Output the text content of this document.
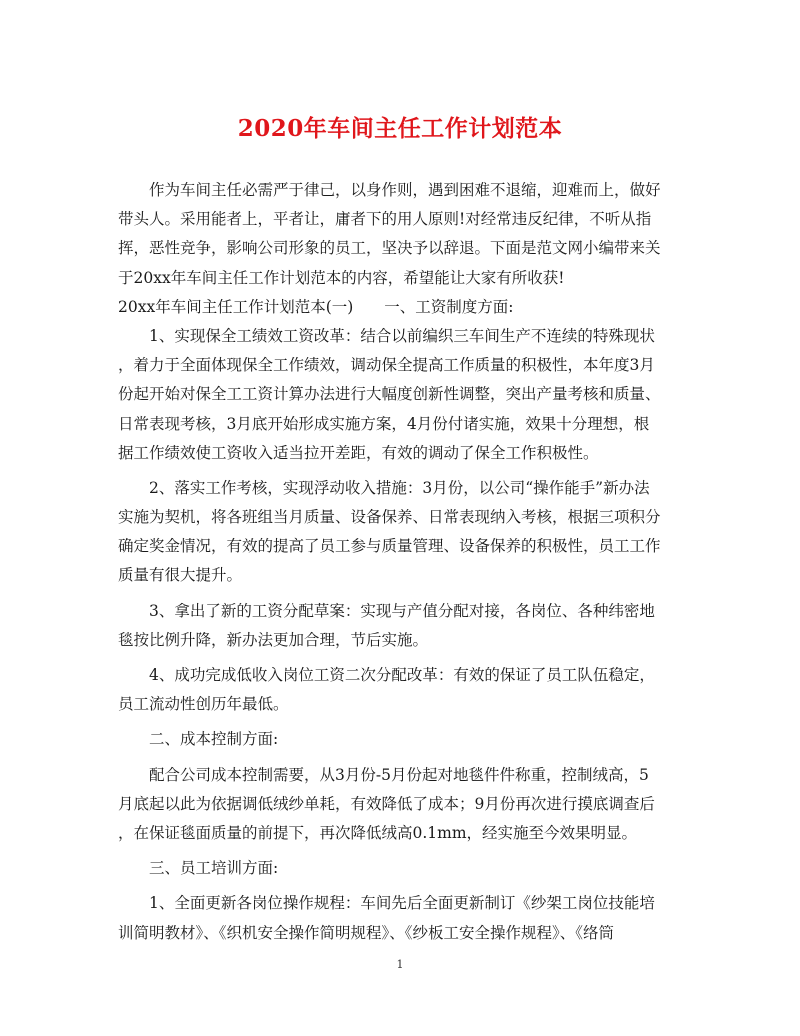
2020年车间主任工作计划范本
作为车间主任必需严于律己，以身作则，遇到困难不退缩，迎难而上，做好
带头人。采用能者上，平者让，庸者下的用人原则!对经常违反纪律，不听从指
挥，恶性竞争，影响公司形象的员工，坚决予以辞退。下面是范文网小编带来关
于20xx年车间主任工作计划范本的内容，希望能让大家有所收获!
20xx年车间主任工作计划范本(一)　　一、工资制度方面:
1、实现保全工绩效工资改革：结合以前编织三车间生产不连续的特殊现状
，着力于全面体现保全工作绩效，调动保全提高工作质量的积极性，本年度3月
份起开始对保全工工资计算办法进行大幅度创新性调整，突出产量考核和质量、
日常表现考核，3月底开始形成实施方案，4月份付诸实施，效果十分理想，根
据工作绩效使工资收入适当拉开差距，有效的调动了保全工作积极性。
2、落实工作考核，实现浮动收入措施：3月份，以公司“操作能手”新办法
实施为契机，将各班组当月质量、设备保养、日常表现纳入考核，根据三项积分
确定奖金情况，有效的提高了员工参与质量管理、设备保养的积极性，员工工作
质量有很大提升。
3、拿出了新的工资分配草案：实现与产值分配对接，各岗位、各种纬密地
毯按比例升降，新办法更加合理，节后实施。
4、成功完成低收入岗位工资二次分配改革：有效的保证了员工队伍稳定，
员工流动性创历年最低。
二、成本控制方面:
配合公司成本控制需要，从3月份-5月份起对地毯件件称重，控制绒高，5
月底起以此为依据调低绒纱单耗，有效降低了成本；9月份再次进行摸底调查后
，在保证毯面质量的前提下，再次降低绒高0.1mm，经实施至今效果明显。
三、员工培训方面:
1、全面更新各岗位操作规程：车间先后全面更新制订《纱架工岗位技能培
训简明教材》、《织机安全操作简明规程》、《纱板工安全操作规程》、《络筒
1
